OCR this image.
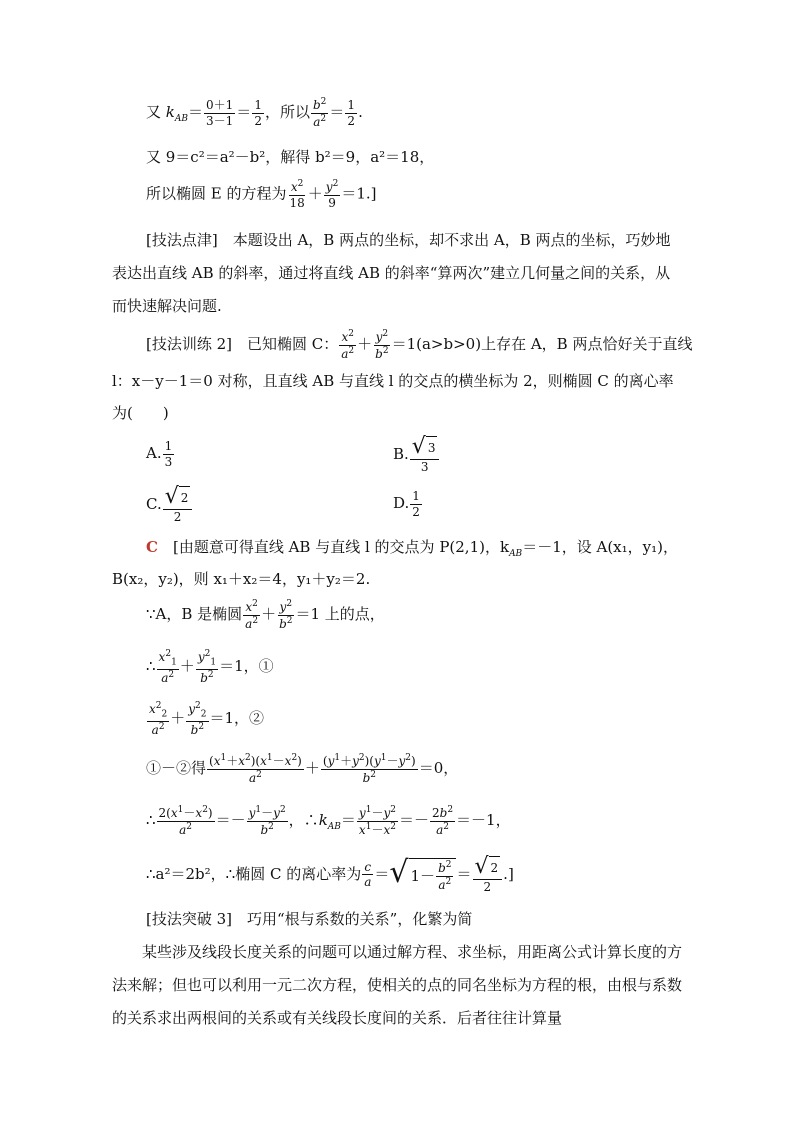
又 $k_{AB}= \frac{0+1}{3-1} = \frac{1}{2}$ ，所以 $\frac{b^2}{a^2} = \frac{1}{2}$ .
又 9＝c²＝a²－b²，解得 b²＝9，a²＝18，
所以椭圆 E 的方程为 $\frac{x^2}{18} + \frac{y^2}{9} =1$.]
[技法点津]　本题设出 A，B 两点的坐标，却不求出 A，B 两点的坐标，巧妙地表达出直线 AB 的斜率，通过将直线 AB 的斜率“算两次”建立几何量之间的关系，从而快速解决问题.
[技法训练 2]　已知椭圆 C： $\frac{x^2}{a^2} + \frac{y^2}{b^2} =1(a>b>0)$上存在 A，B 两点恰好关于直线
l：x－y－1＝0 对称，且直线 AB 与直线 l 的交点的横坐标为 2，则椭圆 C 的离心率
为(　　)
A. $\frac{1}{3}$	B. $\frac{√ 3}{3}$
C. $\frac{√ 2}{2}$	D. $\frac{1}{2}$
C　 [由题意可得直线 AB 与直线 l 的交点为 P(2,1)，$k_{AB}=-1$，设 A(x₁，y₁)，
B(x₂，y₂)，则 x₁＋x₂＝4，y₁＋y₂＝2.
∵A，B 是椭圆 $\frac{x^2}{a^2} + \frac{y^2}{b^2} =1$ 上的点，
∴ $\frac{x^2_1}{a^2} + \frac{y^2_1}{b^2} =1$，①
$\frac{x^2_2}{a^2} + \frac{y^2_2}{b^2} =1$，②
①－②得 $\frac{(x^1+x^2)(x^1-x^2)}{a^2} + \frac{(y^1+y^2)(y^1-y^2)}{b^2} =0$，
∴ $\frac{2(x^1-x^2)}{a^2} =- \frac{y^1-y^2}{b^2}$ ，$\therefore k_{AB}= \frac{y^1-y^2}{x^1-x^2} =- \frac{2b^2}{a^2} =-1$，
∴a²＝2b²，∴椭圆 C 的离心率为 $\frac{c}{a}$ ＝ √ $1- \frac{b^2}{a^2} = \frac{√ 2}{2}$ .]
[技法突破 3]　巧用“根与系数的关系”，化繁为简
某些涉及线段长度关系的问题可以通过解方程、求坐标，用距离公式计算长度的方法来解；但也可以利用一元二次方程，使相关的点的同名坐标为方程的根，由根与系数的关系求出两根间的关系或有关线段长度间的关系．后者往往计算量
